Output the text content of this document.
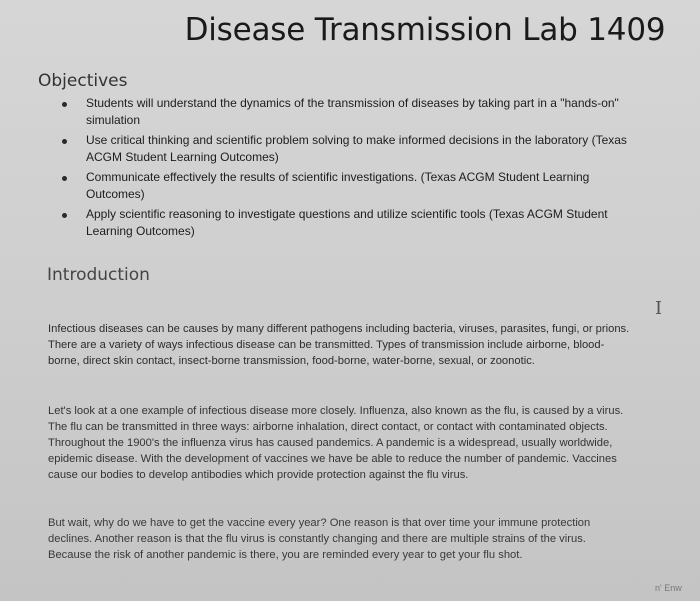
Disease Transmission Lab 1409
Objectives
Students will understand the dynamics of the transmission of diseases by taking part in a "hands-on" simulation
Use critical thinking and scientific problem solving to make informed decisions in the laboratory (Texas ACGM Student Learning Outcomes)
Communicate effectively the results of scientific investigations. (Texas ACGM Student Learning Outcomes)
Apply scientific reasoning to investigate questions and utilize scientific tools (Texas ACGM Student Learning Outcomes)
Introduction

Infectious diseases can be causes by many different pathogens including bacteria, viruses, parasites, fungi, or prions. There are a variety of ways infectious disease can be transmitted. Types of transmission include airborne, blood-borne, direct skin contact, insect-borne transmission, food-borne, water-borne, sexual, or zoonotic.

Let's look at a one example of infectious disease more closely. Influenza, also known as the flu, is caused by a virus. The flu can be transmitted in three ways: airborne inhalation, direct contact, or contact with contaminated objects. Throughout the 1900's the influenza virus has caused pandemics. A pandemic is a widespread, usually worldwide, epidemic disease. With the development of vaccines we have be able to reduce the number of pandemic. Vaccines cause our bodies to develop antibodies which provide protection against the flu virus.

But wait, why do we have to get the vaccine every year? One reason is that over time your immune protection declines. Another reason is that the flu virus is constantly changing and there are multiple strains of the virus. Because the risk of another pandemic is there, you are reminded every year to get your flu shot.

I
n' Enw
